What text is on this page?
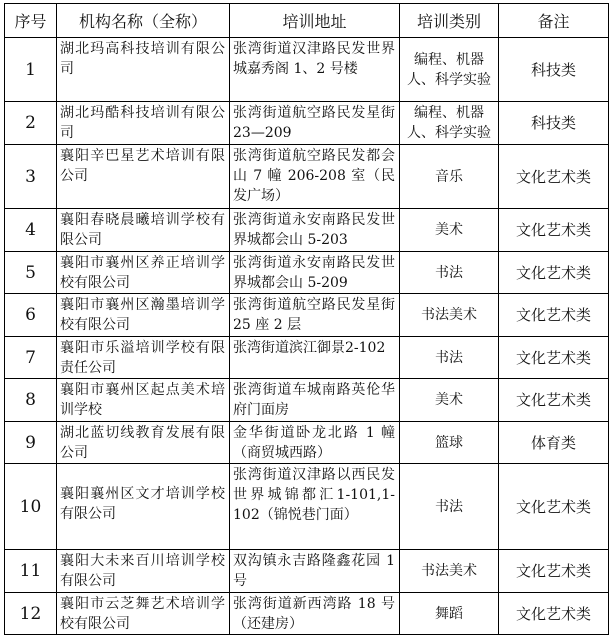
序号	机构名称（全称）	培训地址	培训类别	备注
1	湖北玛高科技培训有限公司	张湾街道汉津路民发世界城嘉秀阁 1、2 号楼	编程、机器人、科学实验	科技类
2	湖北玛酷科技培训有限公司	张湾街道航空路民发星街 23—209	编程、机器人、科学实验	科技类
3	襄阳辛巴星艺术培训有限公司	张湾街道航空路民发都会山 7 幢 206-208 室（民发广场）	音乐	文化艺术类
4	襄阳春晓晨曦培训学校有限公司	张湾街道永安南路民发世界城都会山 5-203	美术	文化艺术类
5	襄阳市襄州区养正培训学校有限公司	张湾街道永安南路民发世界城都会山 5-209	书法	文化艺术类
6	襄阳市襄州区瀚墨培训学校有限公司	张湾街道航空路民发星街 25 座 2 层	书法美术	文化艺术类
7	襄阳市乐溢培训学校有限责任公司	张湾街道滨江御景2-102	书法	文化艺术类
8	襄阳市襄州区起点美术培训学校	张湾街道车城南路英伦华府门面房	美术	文化艺术类
9	湖北蓝切线教育发展有限公司	金华街道卧龙北路 1 幢（商贸城西路）	篮球	体育类
10	襄阳襄州区文才培训学校有限公司	张湾街道汉津路以西民发世界城锦都汇1-101,1-102（锦悦巷门面）	书法	文化艺术类
11	襄阳大未来百川培训学校有限公司	双沟镇永吉路隆鑫花园 1 号	书法美术	文化艺术类
12	襄阳市云芝舞艺术培训学校有限公司	张湾街道新西湾路 18 号（还建房）	舞蹈	文化艺术类
